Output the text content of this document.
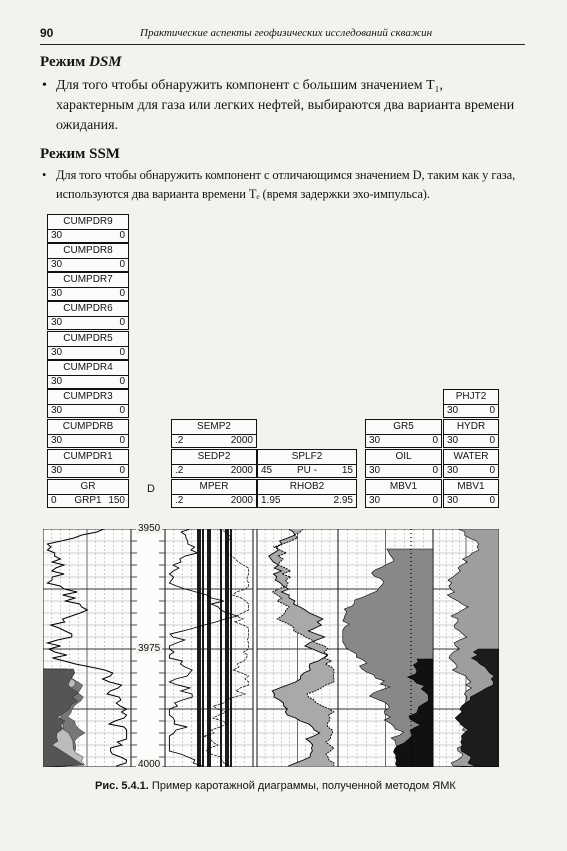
90	Практические аспекты геофизических исследований скважин
Режим DSM
• Для того чтобы обнаружить компонент с большим значением T₁, характерным для газа или легких нефтей, выбираются два варианта времени ожидания.
Режим SSM
• Для того чтобы обнаружить компонент с отличающимся значением D, таким как у газа, используются два варианта времени Tₑ (время задержки эхо-импульса).
CUMPDR9
30	0
CUMPDR8
30	0
CUMPDR7
30	0
CUMPDR6
30	0
CUMPDR5
30	0
CUMPDR4
30	0
CUMPDR3
30	0
CUMPDRB
30	0
CUMPDR1
30	0
GR
0	GRP1 150
D
SEMP2
.2	2000
SEDP2
.2	2000
MPER
.2	2000
SPLF2
45	PU -	15
RHOB2
1.95	2.95
GR5
30	0
OIL
30	0
MBV1
30	0
PHJT2
30	0
HYDR
30	0
WATER
30	0
MBV1
30	0
3950
3975
4000
Рис. 5.4.1. Пример каротажной диаграммы, полученной методом ЯМК
